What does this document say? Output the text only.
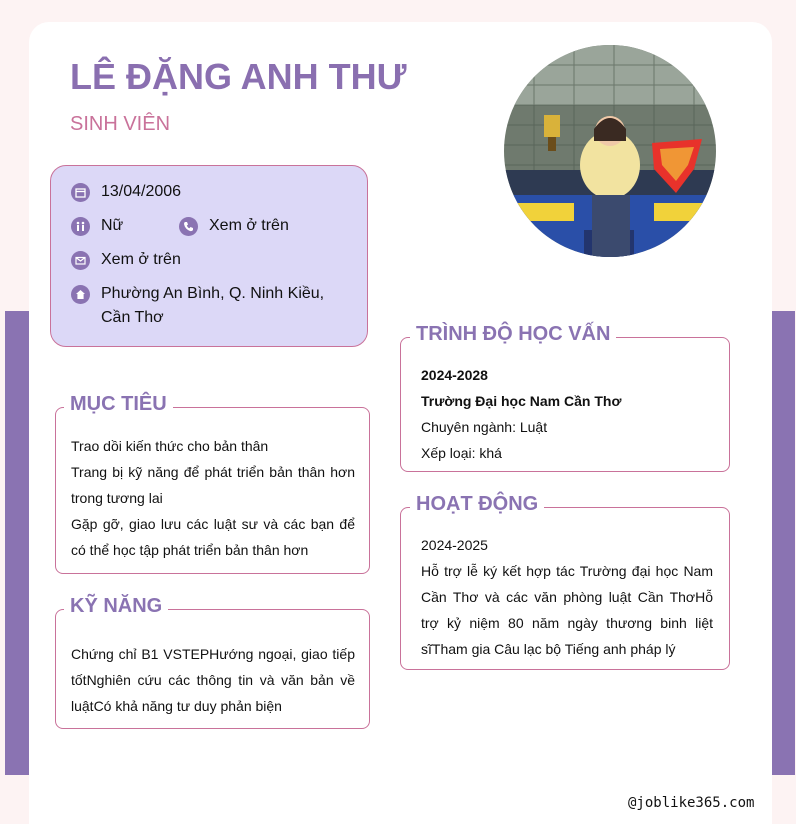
LÊ ĐẶNG ANH THƯ
SINH VIÊN
13/04/2006
Nữ	Xem ở trên
Xem ở trên
Phường An Bình, Q. Ninh Kiều, Cần Thơ
MỤC TIÊU
Trao dồi kiến thức cho bản thân
Trang bị kỹ năng để phát triển bản thân hơn trong tương lai
Gặp gỡ, giao lưu các luật sư và các bạn để có thể học tập phát triển bản thân hơn
KỸ NĂNG
Chứng chỉ B1 VSTEPHướng ngoại, giao tiếp tốtNghiên cứu các thông tin và văn bản về luậtCó khả năng tư duy phản biện
TRÌNH ĐỘ HỌC VẤN
2024-2028
Trường Đại học Nam Cần Thơ
Chuyên ngành: Luật
Xếp loại: khá
HOẠT ĐỘNG
2024-2025
Hỗ trợ lễ ký kết hợp tác Trường đại học Nam Cần Thơ và các văn phòng luật Cần ThơHỗ trợ kỷ niệm 80 năm ngày thương binh liệt sĩTham gia Câu lạc bộ Tiếng anh pháp lý
@joblike365.com
